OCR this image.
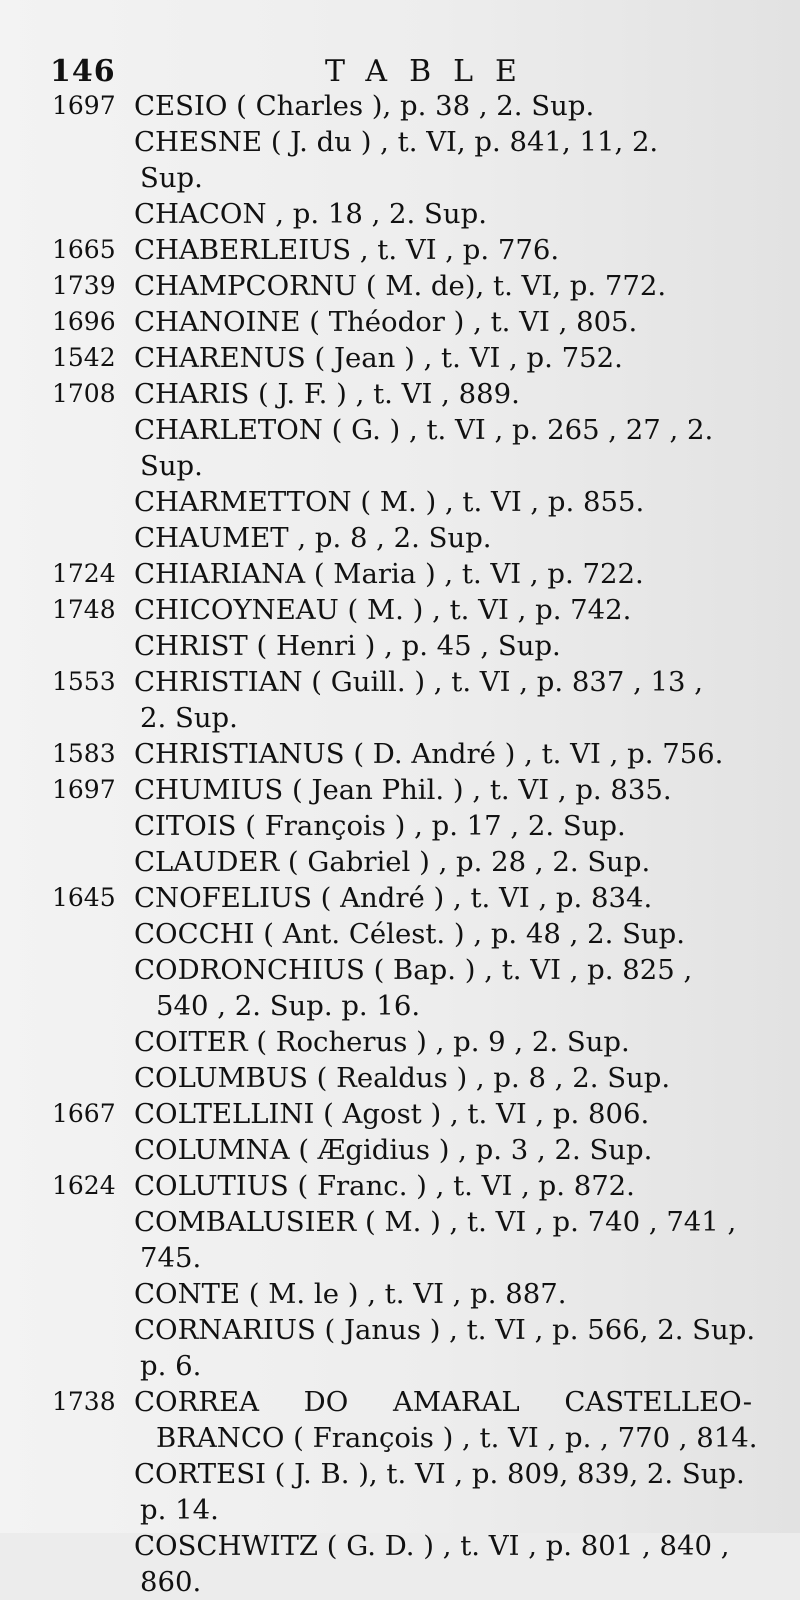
146	TABLE
1697 CESIO ( Charles ), p. 38 , 2. Sup.
CHESNE ( J. du ) , t. VI, p. 841, 11, 2.
Sup.
CHACON , p. 18 , 2. Sup.
1665 CHABERLEIUS , t. VI , p. 776.
1739 CHAMPCORNU ( M. de), t. VI, p. 772.
1696 CHANOINE ( Théodor ) , t. VI , 805.
1542 CHARENUS ( Jean ) , t. VI , p. 752.
1708 CHARIS ( J. F. ) , t. VI , 889.
CHARLETON ( G. ) , t. VI , p. 265 , 27 , 2.
Sup.
CHARMETTON ( M. ) , t. VI , p. 855.
CHAUMET , p. 8 , 2. Sup.
1724 CHIARIANA ( Maria ) , t. VI , p. 722.
1748 CHICOYNEAU ( M. ) , t. VI , p. 742.
CHRIST ( Henri ) , p. 45 , Sup.
1553 CHRISTIAN ( Guill. ) , t. VI , p. 837 , 13 ,
2. Sup.
1583 CHRISTIANUS ( D. André ) , t. VI , p. 756.
1697 CHUMIUS ( Jean Phil. ) , t. VI , p. 835.
CITOIS ( François ) , p. 17 , 2. Sup.
CLAUDER ( Gabriel ) , p. 28 , 2. Sup.
1645 CNOFELIUS ( André ) , t. VI , p. 834.
COCCHI ( Ant. Célest. ) , p. 48 , 2. Sup.
CODRONCHIUS ( Bap. ) , t. VI , p. 825 ,
540 , 2. Sup. p. 16.
COITER ( Rocherus ) , p. 9 , 2. Sup.
COLUMBUS ( Realdus ) , p. 8 , 2. Sup.
1667 COLTELLINI ( Agost ) , t. VI , p. 806.
COLUMNA ( Ægidius ) , p. 3 , 2. Sup.
1624 COLUTIUS ( Franc. ) , t. VI , p. 872.
COMBALUSIER ( M. ) , t. VI , p. 740 , 741 ,
745.
CONTE ( M. le ) , t. VI , p. 887.
CORNARIUS ( Janus ) , t. VI , p. 566, 2. Sup.
p. 6.
1738 CORREA DO AMARAL CASTELLEO-
BRANCO ( François ) , t. VI , p. , 770 , 814.
CORTESI ( J. B. ), t. VI , p. 809, 839, 2. Sup.
p. 14.
COSCHWITZ ( G. D. ) , t. VI , p. 801 , 840 ,
860.
